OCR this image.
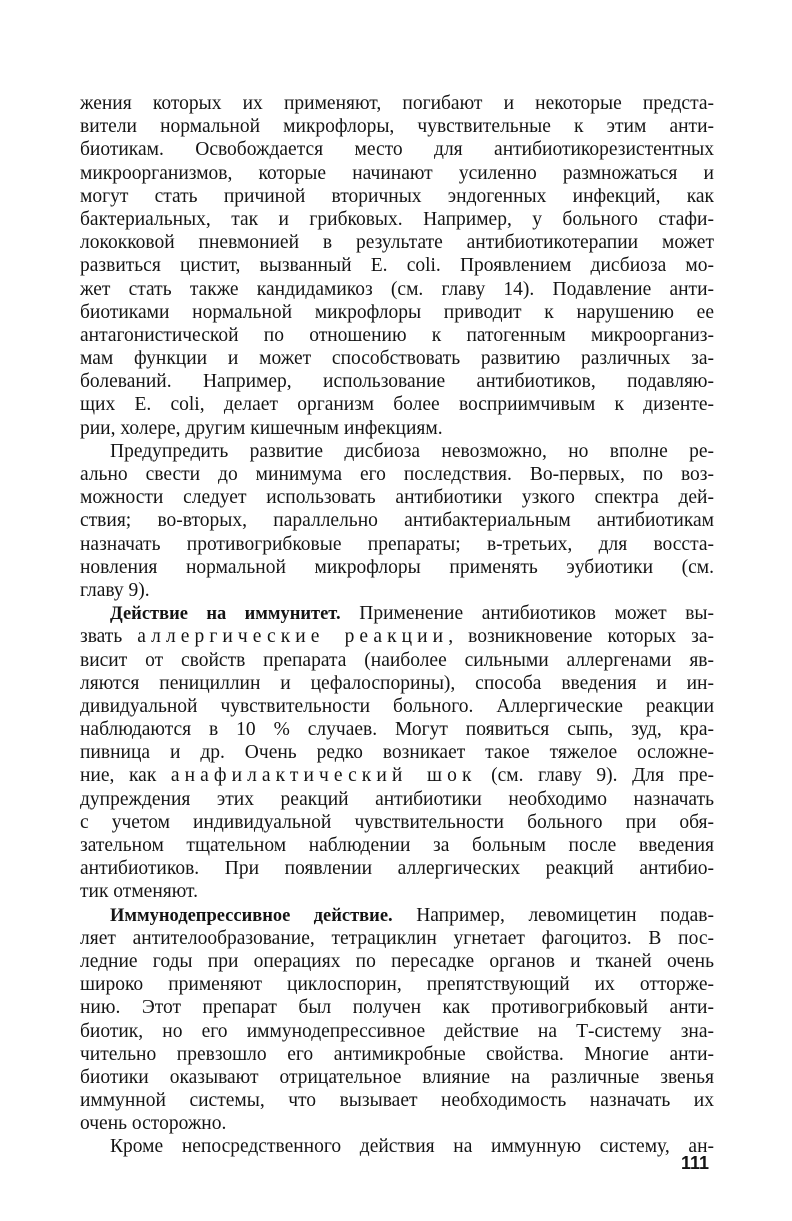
жения которых их применяют, погибают и некоторые предста-
вители нормальной микрофлоры, чувствительные к этим анти-
биотикам. Освобождается место для антибиотикорезистентных
микроорганизмов, которые начинают усиленно размножаться и
могут стать причиной вторичных эндогенных инфекций, как
бактериальных, так и грибковых. Например, у больного стафи-
лококковой пневмонией в результате антибиотикотерапии может
развиться цистит, вызванный E. coli. Проявлением дисбиоза мо-
жет стать также кандидамикоз (см. главу 14). Подавление анти-
биотиками нормальной микрофлоры приводит к нарушению ее
антагонистической по отношению к патогенным микроорганиз-
мам функции и может способствовать развитию различных за-
болеваний. Например, использование антибиотиков, подавляю-
щих E. coli, делает организм более восприимчивым к дизенте-
рии, холере, другим кишечным инфекциям.
Предупредить развитие дисбиоза невозможно, но вполне ре-
ально свести до минимума его последствия. Во-первых, по воз-
можности следует использовать антибиотики узкого спектра дей-
ствия; во-вторых, параллельно антибактериальным антибиотикам
назначать противогрибковые препараты; в-третьих, для восста-
новления нормальной микрофлоры применять эубиотики (см.
главу 9).
Действие на иммунитет. Применение антибиотиков может вы-
звать аллергические реакции, возникновение которых за-
висит от свойств препарата (наиболее сильными аллергенами яв-
ляются пенициллин и цефалоспорины), способа введения и ин-
дивидуальной чувствительности больного. Аллергические реакции
наблюдаются в 10 % случаев. Могут появиться сыпь, зуд, кра-
пивница и др. Очень редко возникает такое тяжелое осложне-
ние, как анафилактический шок (см. главу 9). Для пре-
дупреждения этих реакций антибиотики необходимо назначать
с учетом индивидуальной чувствительности больного при обя-
зательном тщательном наблюдении за больным после введения
антибиотиков. При появлении аллергических реакций антибио-
тик отменяют.
Иммунодепрессивное действие. Например, левомицетин подав-
ляет антителообразование, тетрациклин угнетает фагоцитоз. В пос-
ледние годы при операциях по пересадке органов и тканей очень
широко применяют циклоспорин, препятствующий их отторже-
нию. Этот препарат был получен как противогрибковый анти-
биотик, но его иммунодепрессивное действие на Т-систему зна-
чительно превзошло его антимикробные свойства. Многие анти-
биотики оказывают отрицательное влияние на различные звенья
иммунной системы, что вызывает необходимость назначать их
очень осторожно.
Кроме непосредственного действия на иммунную систему, ан-
111
